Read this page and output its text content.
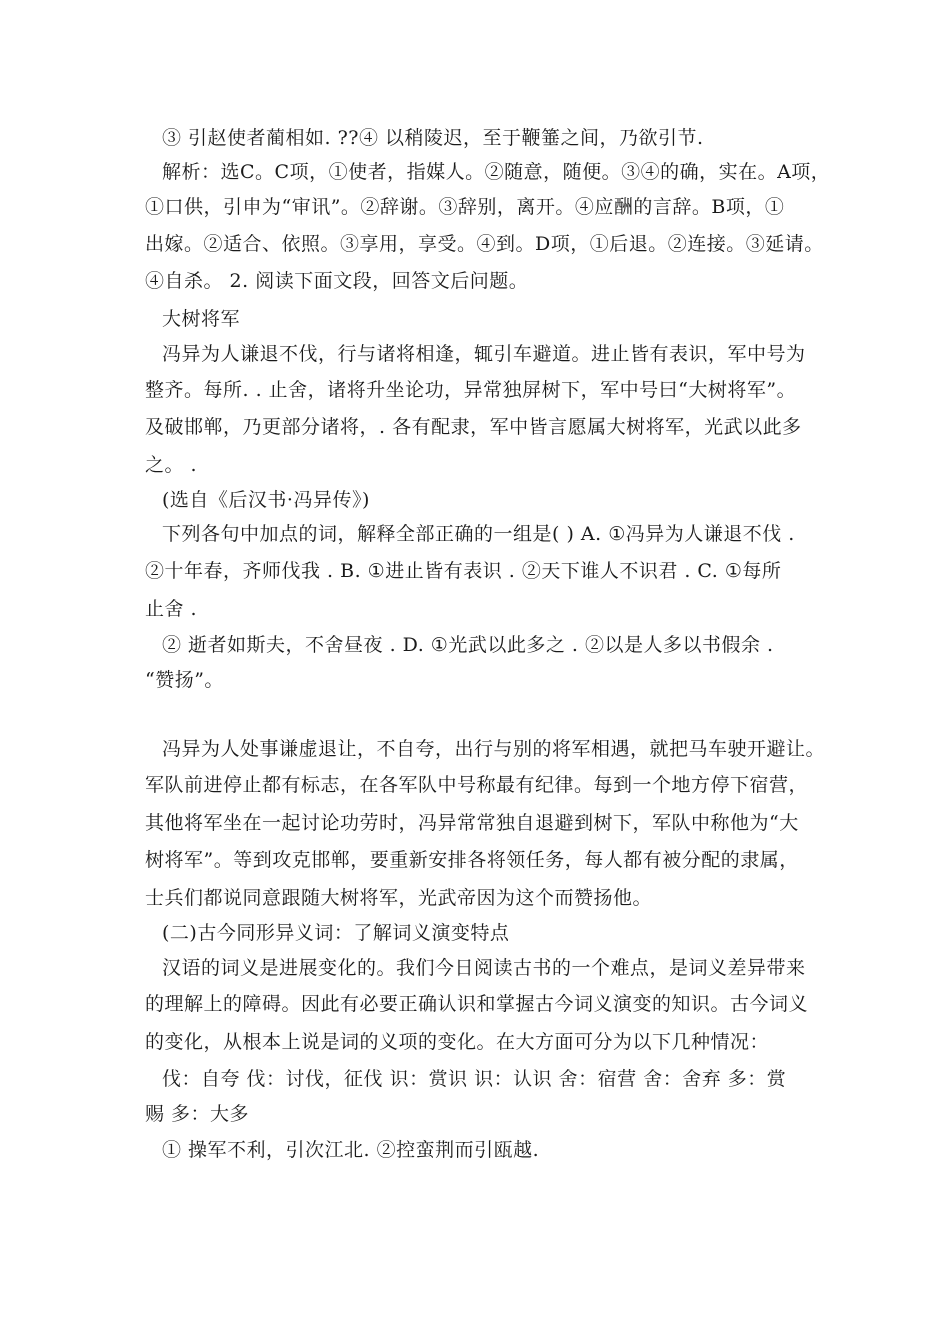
③ 引赵使者蔺相如. ??④ 以稍陵迟，至于鞭箠之间，乃欲引节.
解析：选C。C项，①使者，指媒人。②随意，随便。③④的确，实在。A项，
①口供，引申为“审讯”。②辞谢。③辞别，离开。④应酬的言辞。B项，①
出嫁。②适合、依照。③享用，享受。④到。D项，①后退。②连接。③延请。
④自杀。 2. 阅读下面文段，回答文后问题。
大树将军
冯异为人谦退不伐，行与诸将相逢，辄引车避道。进止皆有表识，军中号为
整齐。每所. . 止舍，诸将升坐论功，异常独屏树下，军中号曰“大树将军”。
及破邯郸，乃更部分诸将，. 各有配隶，军中皆言愿属大树将军，光武以此多
之。 .
(选自《后汉书·冯异传》)
下列各句中加点的词，解释全部正确的一组是( ) A. ①冯异为人谦退不伐 .
②十年春，齐师伐我 . B. ①进止皆有表识 . ②天下谁人不识君 . C. ①每所
止舍 .
② 逝者如斯夫，不舍昼夜 . D. ①光武以此多之 . ②以是人多以书假余 .
“赞扬”。
冯异为人处事谦虚退让，不自夸，出行与别的将军相遇，就把马车驶开避让。
军队前进停止都有标志，在各军队中号称最有纪律。每到一个地方停下宿营，
其他将军坐在一起讨论功劳时，冯异常常独自退避到树下，军队中称他为“大
树将军”。等到攻克邯郸，要重新安排各将领任务，每人都有被分配的隶属，
士兵们都说同意跟随大树将军，光武帝因为这个而赞扬他。
(二)古今同形异义词：了解词义演变特点
汉语的词义是进展变化的。我们今日阅读古书的一个难点，是词义差异带来
的理解上的障碍。因此有必要正确认识和掌握古今词义演变的知识。古今词义
的变化，从根本上说是词的义项的变化。在大方面可分为以下几种情况：
伐：自夸 伐：讨伐，征伐 识：赏识 识：认识 舍：宿营 舍：舍弃 多：赏
赐 多：大多
① 操军不利，引次江北. ②控蛮荆而引瓯越.
